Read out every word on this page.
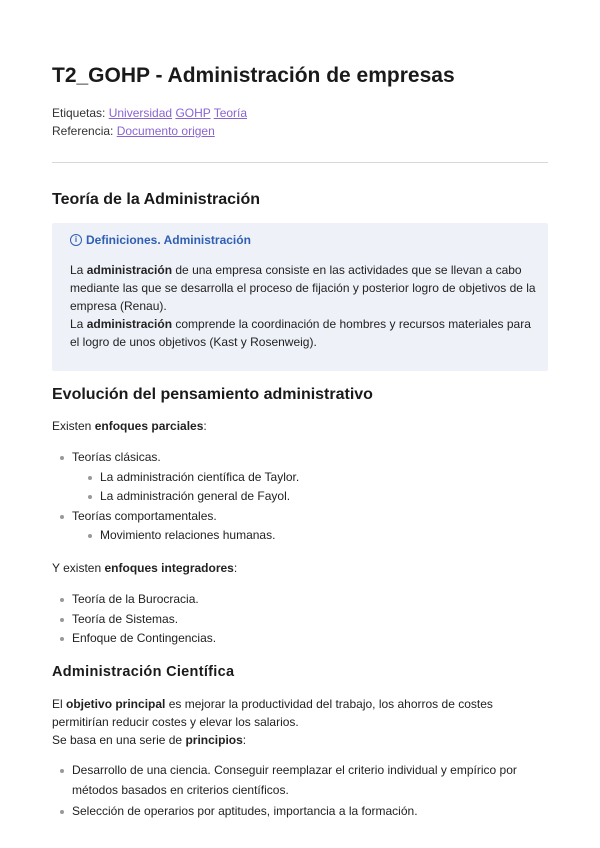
T2_GOHP - Administración de empresas
Etiquetas: Universidad GOHP Teoría
Referencia: Documento origen
Teoría de la Administración
i Definiciones. Administración

La administración de una empresa consiste en las actividades que se llevan a cabo mediante las que se desarrolla el proceso de fijación y posterior logro de objetivos de la empresa (Renau).

La administración comprende la coordinación de hombres y recursos materiales para el logro de unos objetivos (Kast y Rosenweig).

Evolución del pensamiento administrativo
Existen enfoques parciales:
Teorías clásicas.
La administración científica de Taylor.
La administración general de Fayol.
Teorías comportamentales.
Movimiento relaciones humanas.
Y existen enfoques integradores:
Teoría de la Burocracia.
Teoría de Sistemas.
Enfoque de Contingencias.
Administración Científica
El objetivo principal es mejorar la productividad del trabajo, los ahorros de costes permitirían reducir costes y elevar los salarios.
Se basa en una serie de principios:
Desarrollo de una ciencia. Conseguir reemplazar el criterio individual y empírico por métodos basados en criterios científicos.
Selección de operarios por aptitudes, importancia a la formación.
